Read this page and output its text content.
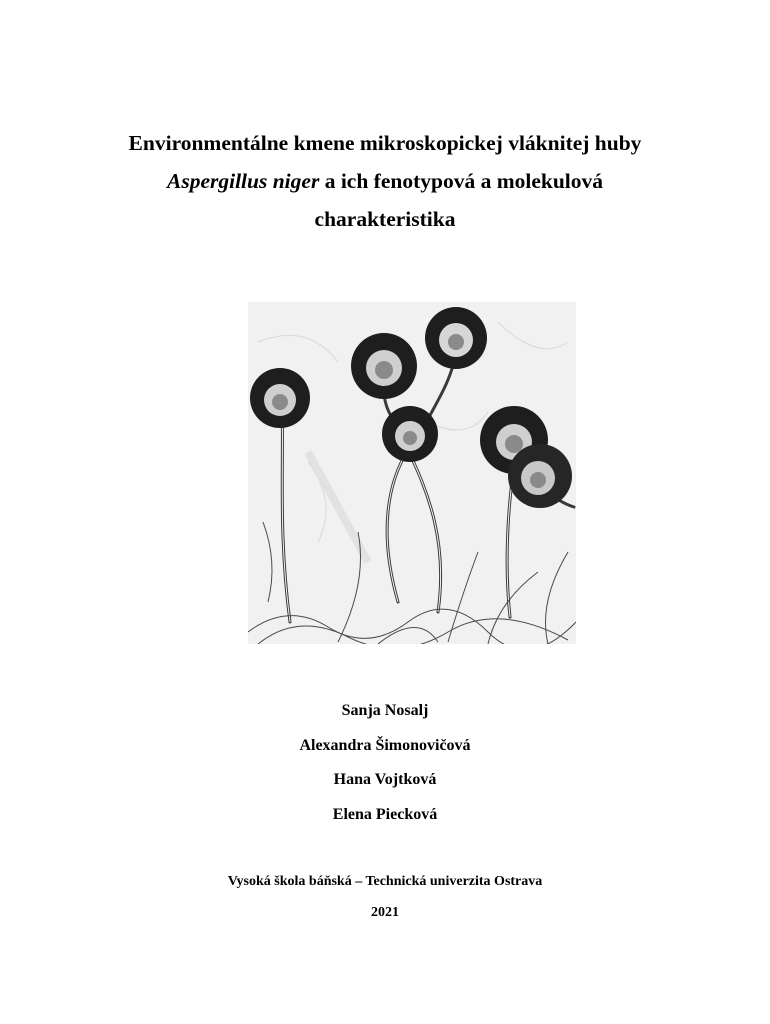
Environmentálne kmene mikroskopickej vláknitej huby
Aspergillus niger a ich fenotypová a molekulová
charakteristika
Sanja Nosalj
Alexandra Šimonovičová
Hana Vojtková
Elena Piecková
Vysoká škola báňská – Technická univerzita Ostrava
2021
